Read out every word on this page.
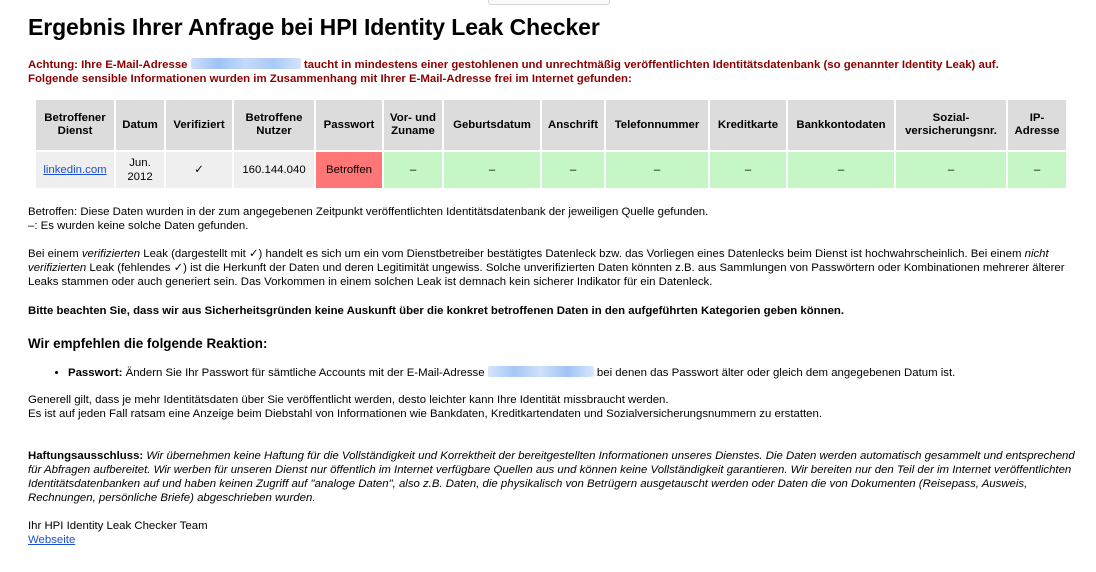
Ergebnis Ihrer Anfrage bei HPI Identity Leak Checker
Achtung: Ihre E-Mail-Adresse	taucht in mindestens einer gestohlenen und unrechtmäßig veröffentlichten Identitätsdatenbank (so genannter Identity Leak) auf.
Folgende sensible Informationen wurden im Zusammenhang mit Ihrer E-Mail-Adresse frei im Internet gefunden:
Betroffener Dienst	Datum	Verifiziert	Betroffene Nutzer	Passwort	Vor- und Zuname	Geburtsdatum	Anschrift	Telefonnummer	Kreditkarte	Bankkontodaten	Sozial- versicherungsnr.	IP- Adresse
linkedin.com	Jun. 2012	✓	160.144.040	Betroffen	–	–	–	–	–	–	–	–

Betroffen: Diese Daten wurden in der zum angegebenen Zeitpunkt veröffentlichten Identitätsdatenbank der jeweiligen Quelle gefunden.
–: Es wurden keine solche Daten gefunden.

Bei einem verifizierten Leak (dargestellt mit ✓) handelt es sich um ein vom Dienstbetreiber bestätigtes Datenleck bzw. das Vorliegen eines Datenlecks beim Dienst ist hochwahrscheinlich. Bei einem nicht verifizierten Leak (fehlendes ✓) ist die Herkunft der Daten und deren Legitimität ungewiss. Solche unverifizierten Daten könnten z.B. aus Sammlungen von Passwörtern oder Kombinationen mehrerer älterer Leaks stammen oder auch generiert sein. Das Vorkommen in einem solchen Leak ist demnach kein sicherer Indikator für ein Datenleck.

Bitte beachten Sie, dass wir aus Sicherheitsgründen keine Auskunft über die konkret betroffenen Daten in den aufgeführten Kategorien geben können.

Wir empfehlen die folgende Reaktion:
• Passwort: Ändern Sie Ihr Passwort für sämtliche Accounts mit der E-Mail-Adresse	bei denen das Passwort älter oder gleich dem angegebenen Datum ist.

Generell gilt, dass je mehr Identitätsdaten über Sie veröffentlicht werden, desto leichter kann Ihre Identität missbraucht werden.
Es ist auf jeden Fall ratsam eine Anzeige beim Diebstahl von Informationen wie Bankdaten, Kreditkartendaten und Sozialversicherungsnummern zu erstatten.

Haftungsausschluss: Wir übernehmen keine Haftung für die Vollständigkeit und Korrektheit der bereitgestellten Informationen unseres Dienstes. Die Daten werden automatisch gesammelt und entsprechend für Abfragen aufbereitet. Wir werben für unseren Dienst nur öffentlich im Internet verfügbare Quellen aus und können keine Vollständigkeit garantieren. Wir bereiten nur den Teil der im Internet veröffentlichten Identitätsdatenbanken auf und haben keinen Zugriff auf "analoge Daten", also z.B. Daten, die physikalisch von Betrügern ausgetauscht werden oder Daten die von Dokumenten (Reisepass, Ausweis, Rechnungen, persönliche Briefe) abgeschrieben wurden.

Ihr HPI Identity Leak Checker Team
Webseite
